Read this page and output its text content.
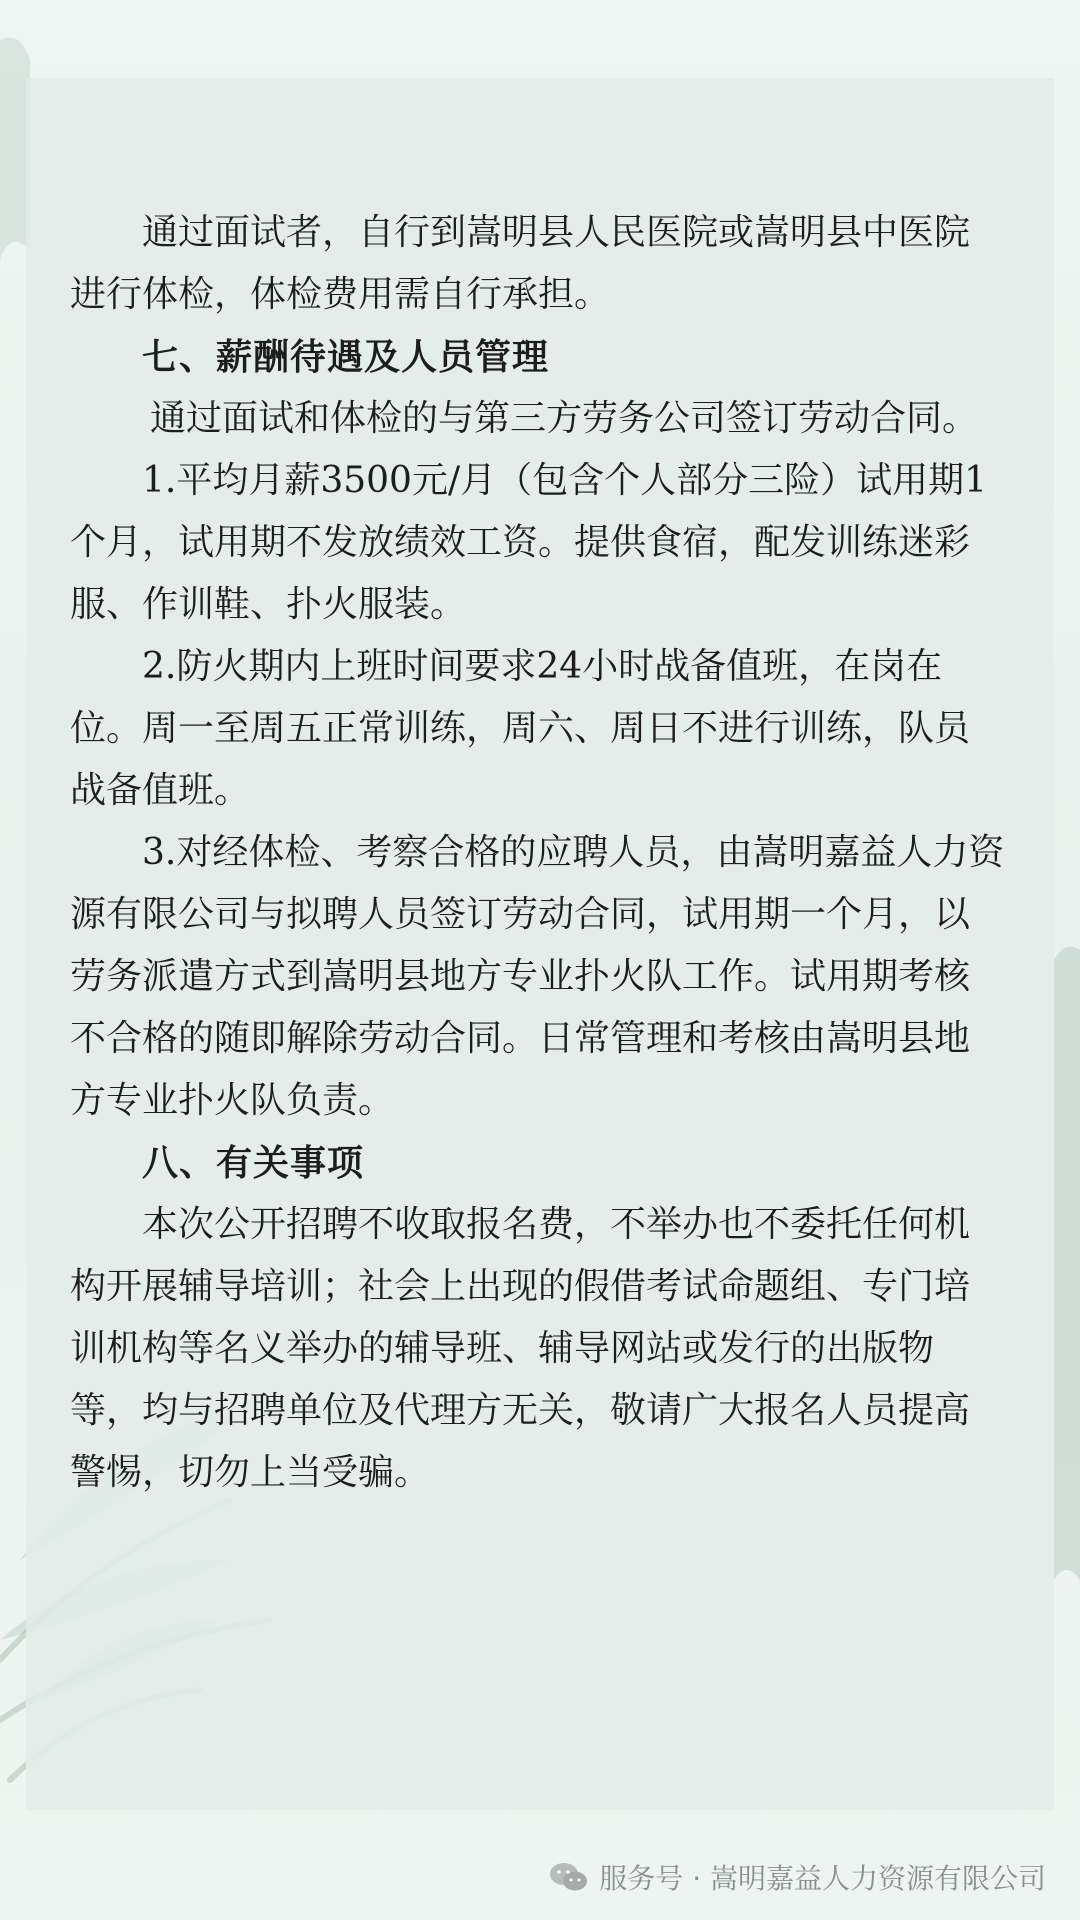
通过面试者，自行到嵩明县人民医院或嵩明县中医院进行体检，体检费用需自行承担。

七、薪酬待遇及人员管理

通过面试和体检的与第三方劳务公司签订劳动合同。

1.平均月薪3500元/月（包含个人部分三险）试用期1个月，试用期不发放绩效工资。提供食宿，配发训练迷彩服、作训鞋、扑火服装。

2.防火期内上班时间要求24小时战备值班，在岗在位。周一至周五正常训练，周六、周日不进行训练，队员战备值班。

3.对经体检、考察合格的应聘人员，由嵩明嘉益人力资源有限公司与拟聘人员签订劳动合同，试用期一个月，以劳务派遣方式到嵩明县地方专业扑火队工作。试用期考核不合格的随即解除劳动合同。日常管理和考核由嵩明县地方专业扑火队负责。

八、有关事项

本次公开招聘不收取报名费，不举办也不委托任何机构开展辅导培训；社会上出现的假借考试命题组、专门培训机构等名义举办的辅导班、辅导网站或发行的出版物等，均与招聘单位及代理方无关，敬请广大报名人员提高警惕，切勿上当受骗。

服务号 · 嵩明嘉益人力资源有限公司
